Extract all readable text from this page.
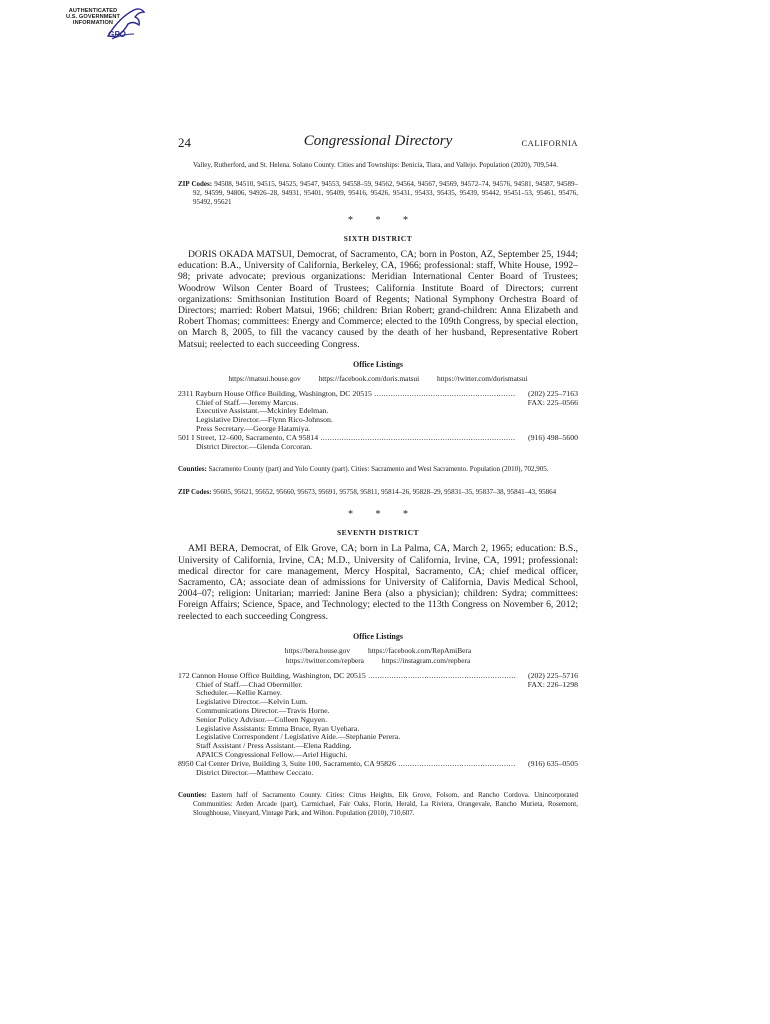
AUTHENTICATED
U.S. GOVERNMENT
INFORMATION
GPO
24	Congressional Directory	CALIFORNIA
Valley, Rutherford, and St. Helena. Solano County. Cities and Townships: Benicia, Tiara, and Vallejo. Population (2020), 709,544.
ZIP Codes: 94508, 94510, 94515, 94525, 94547, 94553, 94558–59, 94562, 94564, 94567, 94569, 94572–74, 94576, 94581, 94587, 94589–92, 94599, 94806, 94926–28, 94931, 95401, 95409, 95416, 95426, 95431, 95433, 95435, 95439, 95442, 95451–53, 95461, 95476, 95492, 95621
* * *
SIXTH DISTRICT
DORIS OKADA MATSUI, Democrat, of Sacramento, CA; born in Poston, AZ, September 25, 1944; education: B.A., University of California, Berkeley, CA, 1966; professional: staff, White House, 1992–98; private advocate; previous organizations: Meridian International Center Board of Trustees; Woodrow Wilson Center Board of Trustees; California Institute Board of Directors; current organizations: Smithsonian Institution Board of Regents; National Symphony Orchestra Board of Directors; married: Robert Matsui, 1966; children: Brian Robert; grand-children: Anna Elizabeth and Robert Thomas; committees: Energy and Commerce; elected to the 109th Congress, by special election, on March 8, 2005, to fill the vacancy caused by the death of her husband, Representative Robert Matsui; reelected to each succeeding Congress.
Office Listings
https://matsui.house.gov https://facebook.com/doris.matsui https://twitter.com/dorismatsui
2311 Rayburn House Office Building, Washington, DC 20515 .....	(202) 225–7163
Chief of Staff.—Jeremy Marcus.	FAX: 225–0566
Executive Assistant.—Mckinley Edelman.
Legislative Director.—Flynn Rico-Johnson.
Press Secretary.—George Hatamiya.
501 I Street, 12–600, Sacramento, CA 95814 .....	(916) 498–5600
District Director.—Glenda Corcoran.
Counties: Sacramento County (part) and Yolo County (part). Cities: Sacramento and West Sacramento. Population (2010), 702,905.
ZIP Codes: 95605, 95621, 95652, 95660, 95673, 95691, 95758, 95811, 95814–26, 95828–29, 95831–35, 95837–38, 95841–43, 95864
* * *
SEVENTH DISTRICT
AMI BERA, Democrat, of Elk Grove, CA; born in La Palma, CA, March 2, 1965; education: B.S., University of California, Irvine, CA; M.D., University of California, Irvine, CA, 1991; professional: medical director for care management, Mercy Hospital, Sacramento, CA; chief medical officer, Sacramento, CA; associate dean of admissions for University of California, Davis Medical School, 2004–07; religion: Unitarian; married: Janine Bera (also a physician); children: Sydra; committees: Foreign Affairs; Science, Space, and Technology; elected to the 113th Congress on November 6, 2012; reelected to each succeeding Congress.
Office Listings
https://bera.house.gov https://facebook.com/RepAmiBera
https://twitter.com/repbera https://instagram.com/repbera
172 Cannon House Office Building, Washington, DC 20515 .....	(202) 225–5716
Chief of Staff.—Chad Obermiller.	FAX: 226–1298
Scheduler.—Kellie Karney.
Legislative Director.—Kelvin Lum.
Communications Director.—Travis Horne.
Senior Policy Advisor.—Colleen Nguyen.
Legislative Assistants: Emma Bruce, Ryan Uyehara.
Legislative Correspondent / Legislative Aide.—Stephanie Perera.
Staff Assistant / Press Assistant.—Elena Radding.
APAICS Congressional Fellow.—Ariel Higuchi.
8950 Cal Center Drive, Building 3, Suite 100, Sacramento, CA 95826 .....	(916) 635–0505
District Director.—Matthew Ceccato.
Counties: Eastern half of Sacramento County. Cities: Citrus Heights, Elk Grove, Folsom, and Rancho Cordova. Unincorporated Communities: Arden Arcade (part), Carmichael, Fair Oaks, Florin, Herald, La Riviera, Orangevale, Rancho Murieta, Rosemont, Sloughhouse, Vineyard, Vintage Park, and Wilton. Population (2010), 710,607.
